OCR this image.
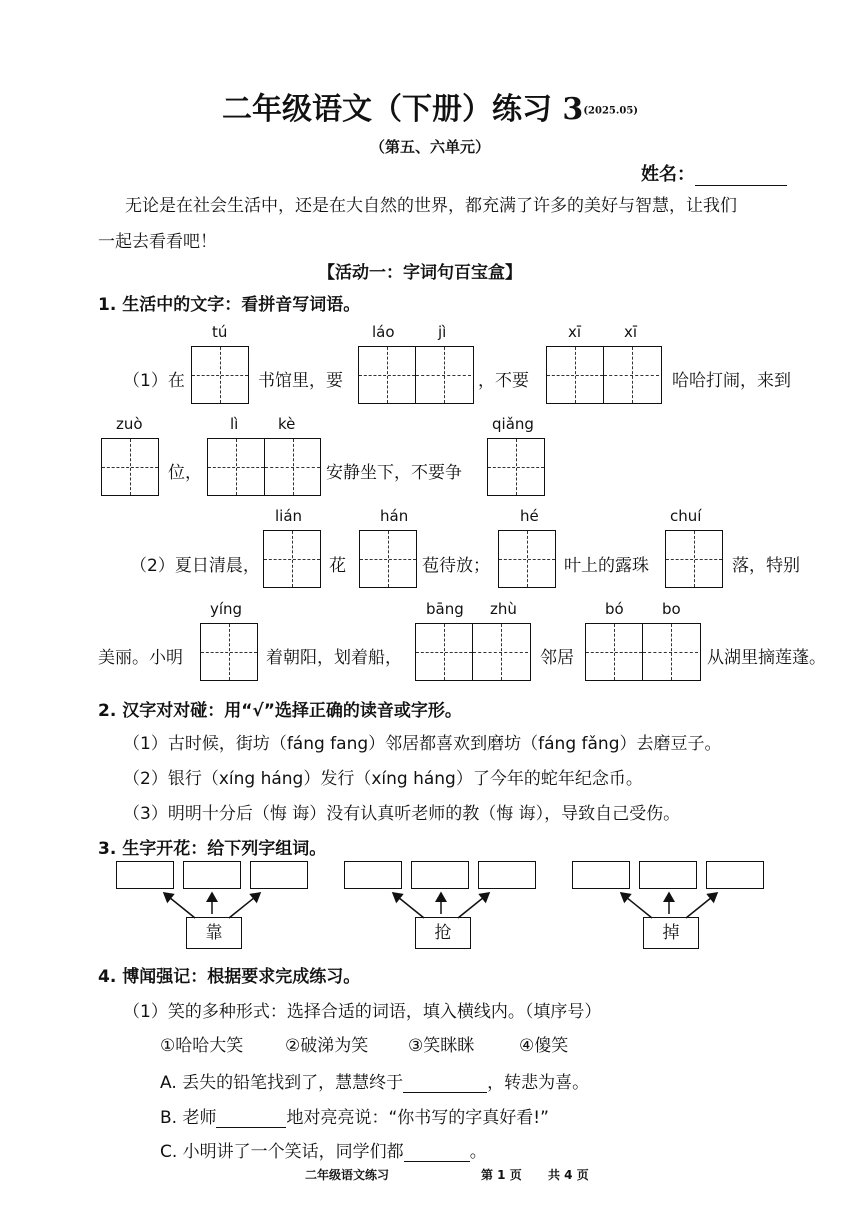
二年级语文（下册）练习 3(2025.05)
（第五、六单元）
姓名：
无论是在社会生活中，还是在大自然的世界，都充满了许多的美好与智慧，让我们
一起去看看吧！
【活动一：字词句百宝盒】
1. 生活中的文字：看拼音写词语。
tú	láo	jì	xī	xī
（1）在	书馆里，要	，不要	哈哈打闹，来到
zuò	lì	kè	qiǎng
位，	安静坐下，不要争
lián	hán	hé	chuí
（2）夏日清晨，	花	苞待放；	叶上的露珠	落，特别
yíng	bāng zhù	bó	bo
美丽。小明	着朝阳，划着船，	邻居	从湖里摘莲蓬。
2. 汉字对对碰：用“√”选择正确的读音或字形。
（1）古时候，街坊（fáng fang）邻居都喜欢到磨坊（fáng fǎng）去磨豆子。
（2）银行（xíng háng）发行（xíng háng）了今年的蛇年纪念币。
（3）明明十分后（悔 诲）没有认真听老师的教（悔 诲），导致自己受伤。
3. 生字开花：给下列字组词。
靠	抢	掉
4. 博闻强记：根据要求完成练习。
（1）笑的多种形式：选择合适的词语，填入横线内。（填序号）
①哈哈大笑 ②破涕为笑 ③笑眯眯	④傻笑
A. 丢失的铅笔找到了，慧慧终于	，转悲为喜。
B. 老师	地对亮亮说：“你书写的字真好看!”
C. 小明讲了一个笑话，同学们都	。
二年级语文练习	第 1 页 共 4 页
